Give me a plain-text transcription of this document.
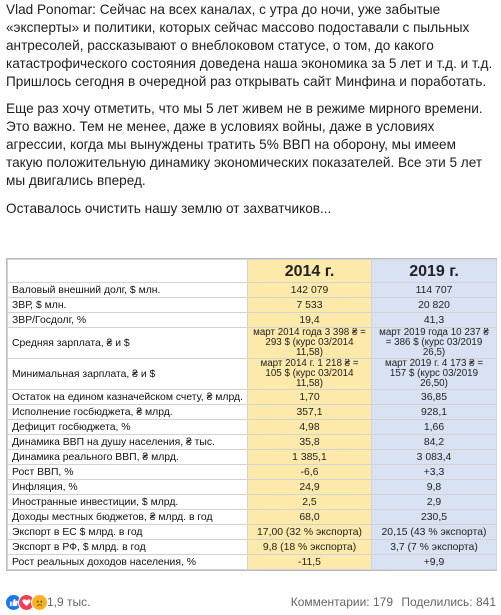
Vlad Ponomar: Сейчас на всех каналах, с утра до ночи, уже забытые «эксперты» и политики, которых сейчас массово подоставали с пыльных антресолей, рассказывают о внеблоковом статусе, о том, до какого катастрофического состояния доведена наша экономика за 5 лет и т.д. и т.д. Пришлось сегодня в очередной раз открывать сайт Минфина и поработать.

Еще раз хочу отметить, что мы 5 лет живем не в режиме мирного времени. Это важно. Тем не менее, даже в условиях войны, даже в условиях агрессии, когда мы вынуждены тратить 5% ВВП на оборону, мы имеем такую положительную динамику экономических показателей. Все эти 5 лет мы двигались вперед.

Оставалось очистить нашу землю от захватчиков...

	2014 г.	2019 г.
Валовый внешний долг, $ млн.	142 079	114 707
ЗВР, $ млн.	7 533	20 820
ЗВР/Госдолг, %	19,4	41,3
Средняя зарплата, ₴ и $	март 2014 года 3 398 ₴ = 293 $ (курс 03/2014 11,58)	март 2019 года 10 237 ₴ = 386 $ (курс 03/2019 26,5)
Минимальная зарплата, ₴ и $	март 2014 г. 1 218 ₴ = 105 $ (курс 03/2014 11,58)	март 2019 г. 4 173 ₴ = 157 $ (курс 03/2019 26,50)
Остаток на едином казначейском счету, ₴ млрд.	1,70	36,85
Исполнение госбюджета, ₴ млрд.	357,1	928,1
Дефицит госбюджета, %	4,98	1,66
Динамика ВВП на душу населения, ₴ тыс.	35,8	84,2
Динамика реального ВВП, ₴ млрд.	1 385,1	3 083,4
Рост ВВП, %	-6,6	+3,3
Инфляция, %	24,9	9,8
Иностранные инвестиции, $ млрд.	2,5	2,9
Доходы местных бюджетов, ₴ млрд. в год	68,0	230,5
Экспорт в ЕС $ млрд. в год	17,00 (32 % экспорта)	20,15 (43 % экспорта)
Экспорт в РФ, $ млрд. в год	9,8 (18 % экспорта)	3,7 (7 % экспорта)
Рост реальных доходов населения, %	-11,5	+9,9
1,9 тыс.	Комментарии: 179 Поделились: 841
